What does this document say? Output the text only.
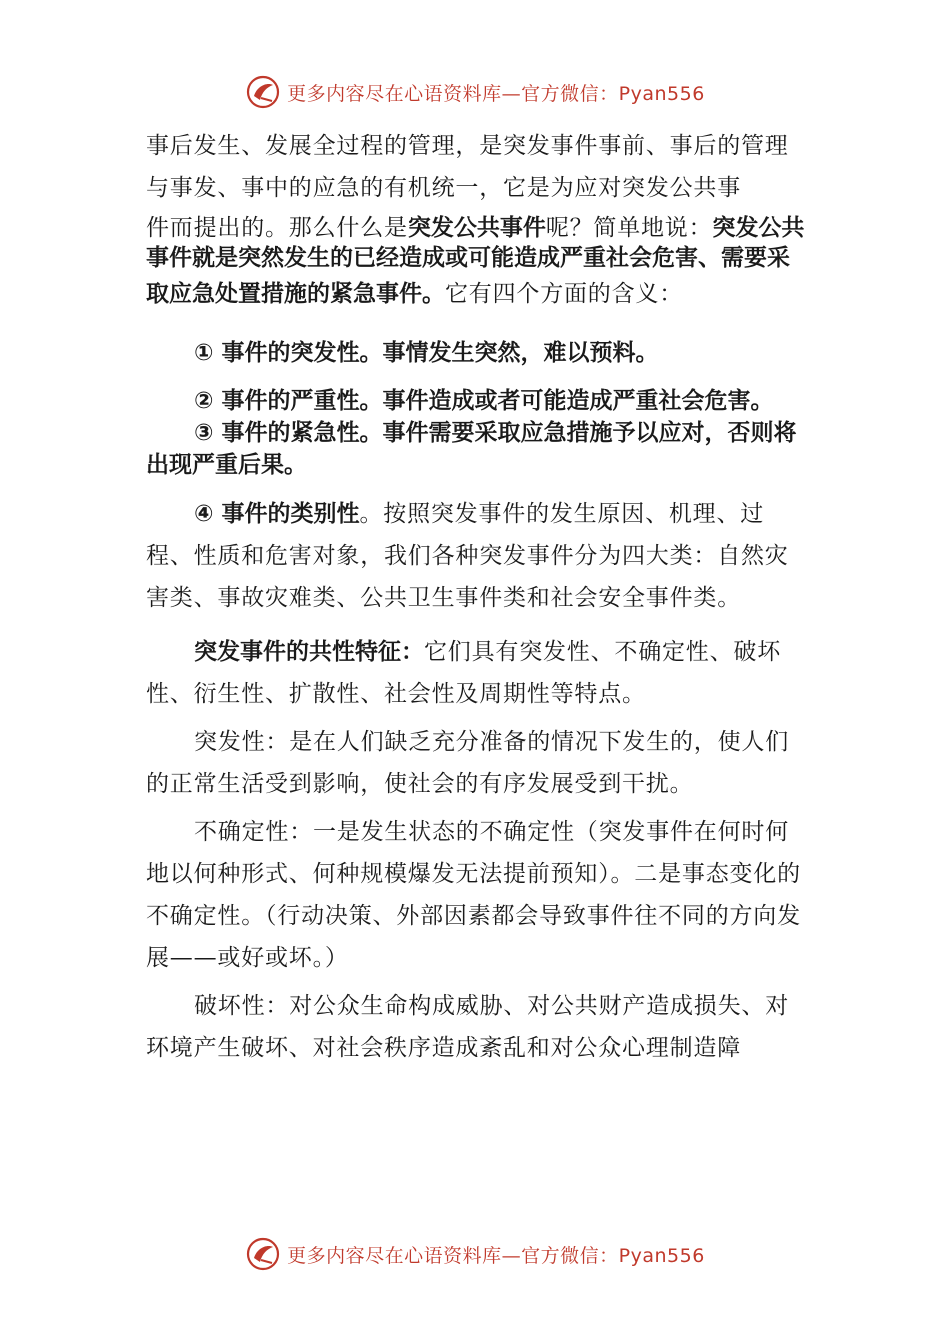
更多内容尽在心语资料库—官方微信：Pyan556

事后发生、发展全过程的管理，是突发事件事前、事后的管理与事发、事中的应急的有机统一，它是为应对突发公共事

件而提出的。那么什么是突发公共事件呢？简单地说：突发公共事件就是突然发生的已经造成或可能造成严重社会危害、需要采取应急处置措施的紧急事件。它有四个方面的含义：

① 事件的突发性。事情发生突然，难以预料。

② 事件的严重性。事件造成或者可能造成严重社会危害。

③ 事件的紧急性。事件需要采取应急措施予以应对，否则将出现严重后果。

④ 事件的类别性。按照突发事件的发生原因、机理、过程、性质和危害对象，我们各种突发事件分为四大类：自然灾害类、事故灾难类、公共卫生事件类和社会安全事件类。

突发事件的共性特征：它们具有突发性、不确定性、破坏性、衍生性、扩散性、社会性及周期性等特点。

突发性：是在人们缺乏充分准备的情况下发生的，使人们的正常生活受到影响，使社会的有序发展受到干扰。

不确定性：一是发生状态的不确定性（突发事件在何时何地以何种形式、何种规模爆发无法提前预知）。二是事态变化的不确定性。（行动决策、外部因素都会导致事件往不同的方向发展——或好或坏。）

破坏性：对公众生命构成威胁、对公共财产造成损失、对环境产生破坏、对社会秩序造成紊乱和对公众心理制造障

更多内容尽在心语资料库—官方微信：Pyan556
